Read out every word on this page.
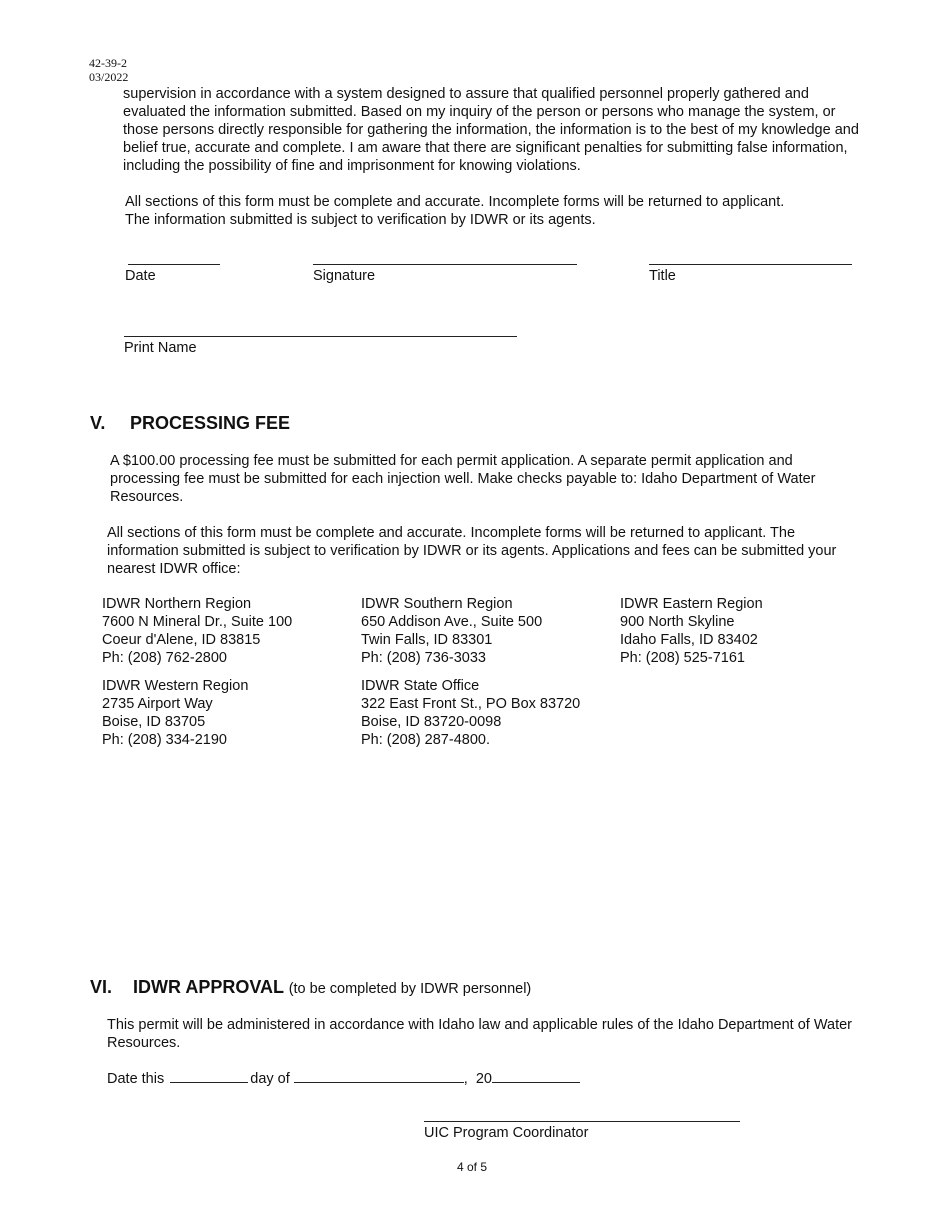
42-39-2
03/2022

supervision in accordance with a system designed to assure that qualified personnel properly gathered and evaluated the information submitted. Based on my inquiry of the person or persons who manage the system, or those persons directly responsible for gathering the information, the information is to the best of my knowledge and belief true, accurate and complete. I am aware that there are significant penalties for submitting false information, including the possibility of fine and imprisonment for knowing violations.

All sections of this form must be complete and accurate. Incomplete forms will be returned to applicant. The information submitted is subject to verification by IDWR or its agents.

Date	Signature	Title
Print Name
V. PROCESSING FEE

A $100.00 processing fee must be submitted for each permit application. A separate permit application and processing fee must be submitted for each injection well. Make checks payable to: Idaho Department of Water Resources.

All sections of this form must be complete and accurate. Incomplete forms will be returned to applicant. The information submitted is subject to verification by IDWR or its agents. Applications and fees can be submitted your nearest IDWR office:

IDWR Northern Region
7600 N Mineral Dr., Suite 100
Coeur d'Alene, ID 83815
Ph: (208) 762-2800
IDWR Southern Region
650 Addison Ave., Suite 500
Twin Falls, ID 83301
Ph: (208) 736-3033
IDWR Eastern Region
900 North Skyline
Idaho Falls, ID 83402
Ph: (208) 525-7161
IDWR Western Region
2735 Airport Way
Boise, ID 83705
Ph: (208) 334-2190
IDWR State Office
322 East Front St., PO Box 83720
Boise, ID 83720-0098
Ph: (208) 287-4800.
VI. IDWR APPROVAL (to be completed by IDWR personnel)

This permit will be administered in accordance with Idaho law and applicable rules of the Idaho Department of Water Resources.

Date this	day of	, 20
UIC Program Coordinator
4 of 5
